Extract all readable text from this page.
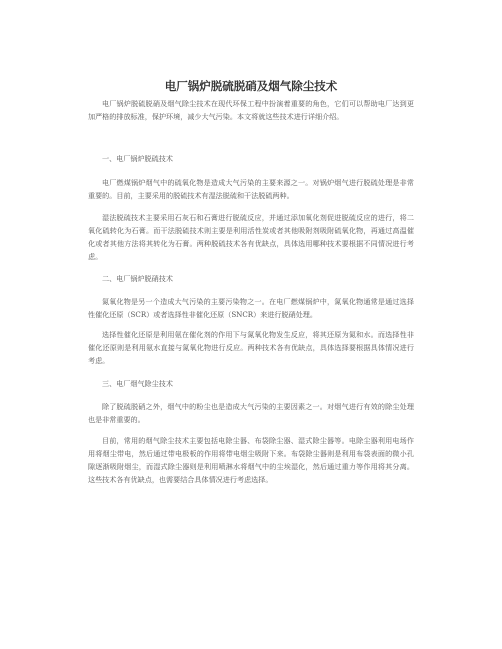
电厂锅炉脱硫脱硝及烟气除尘技术

电厂锅炉脱硫脱硝及烟气除尘技术在现代环保工程中扮演着重要的角色，它们可以帮助电厂达到更加严格的排放标准，保护环境，减少大气污染。本文将就这些技术进行详细介绍。

一、电厂锅炉脱硫技术

电厂燃煤锅炉烟气中的硫氧化物是造成大气污染的主要来源之一。对锅炉烟气进行脱硫处理是非常重要的。目前，主要采用的脱硫技术有湿法脱硫和干法脱硫两种。

湿法脱硫技术主要采用石灰石和石膏进行脱硫反应，并通过添加氧化剂促进脱硫反应的进行，将二氧化硫转化为石膏。而干法脱硫技术则主要是利用活性炭或者其他吸附剂吸附硫氧化物，再通过高温催化或者其他方法将其转化为石膏。两种脱硫技术各有优缺点，具体选用哪种技术要根据不同情况进行考虑。

二、电厂锅炉脱硝技术

氮氧化物是另一个造成大气污染的主要污染物之一。在电厂燃煤锅炉中，氮氧化物通常是通过选择性催化还原（SCR）或者选择性非催化还原（SNCR）来进行脱硝处理。

选择性催化还原是利用氨在催化剂的作用下与氮氧化物发生反应，将其还原为氮和水。而选择性非催化还原则是利用氨水直接与氮氧化物进行反应。两种技术各有优缺点，具体选择要根据具体情况进行考虑。

三、电厂烟气除尘技术

除了脱硫脱硝之外，烟气中的粉尘也是造成大气污染的主要因素之一。对烟气进行有效的除尘处理也是非常重要的。

目前，常用的烟气除尘技术主要包括电除尘器、布袋除尘器、湿式除尘器等。电除尘器利用电场作用将烟尘带电，然后通过带电极板的作用将带电烟尘吸附下来。布袋除尘器则是利用布袋表面的微小孔隙逐渐吸附烟尘，而湿式除尘器则是利用喷淋水将烟气中的尘埃湿化，然后通过重力等作用将其分离。这些技术各有优缺点，也需要结合具体情况进行考虑选择。
